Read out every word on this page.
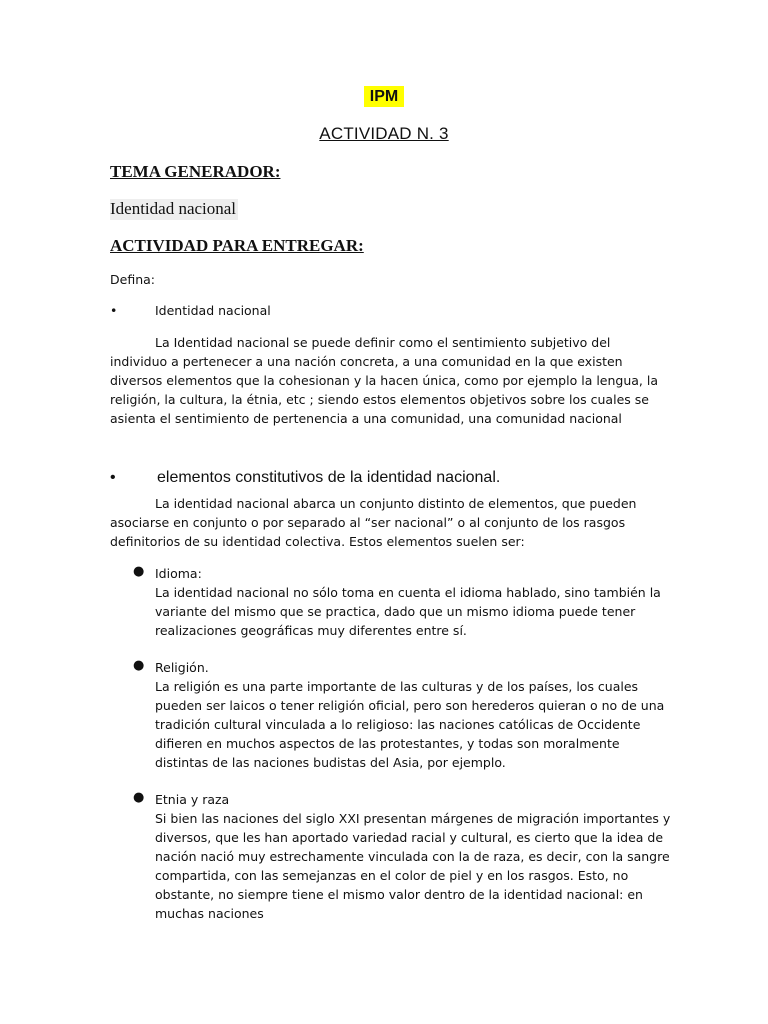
IPM
ACTIVIDAD N. 3
TEMA GENERADOR:
Identidad nacional
ACTIVIDAD PARA ENTREGAR:
Defina:
•	Identidad nacional

La Identidad nacional se puede definir como el sentimiento subjetivo del individuo a pertenecer a una nación concreta, a una comunidad en la que existen diversos elementos que la cohesionan y la hacen única, como por ejemplo la lengua, la religión, la cultura, la étnia, etc ; siendo estos elementos objetivos sobre los cuales se asienta el sentimiento de pertenencia a una comunidad, una comunidad nacional

•	elementos constitutivos de la identidad nacional.

La identidad nacional abarca un conjunto distinto de elementos, que pueden asociarse en conjunto o por separado al “ser nacional” o al conjunto de los rasgos definitorios de su identidad colectiva. Estos elementos suelen ser:

● Idioma:
La identidad nacional no sólo toma en cuenta el idioma hablado, sino también la variante del mismo que se practica, dado que un mismo idioma puede tener realizaciones geográficas muy diferentes entre sí.
● Religión.
La religión es una parte importante de las culturas y de los países, los cuales pueden ser laicos o tener religión oficial, pero son herederos quieran o no de una tradición cultural vinculada a lo religioso: las naciones católicas de Occidente difieren en muchos aspectos de las protestantes, y todas son moralmente distintas de las naciones budistas del Asia, por ejemplo.
● Etnia y raza
Si bien las naciones del siglo XXI presentan márgenes de migración importantes y diversos, que les han aportado variedad racial y cultural, es cierto que la idea de nación nació muy estrechamente vinculada con la de raza, es decir, con la sangre compartida, con las semejanzas en el color de piel y en los rasgos. Esto, no obstante, no siempre tiene el mismo valor dentro de la identidad nacional: en muchas naciones
